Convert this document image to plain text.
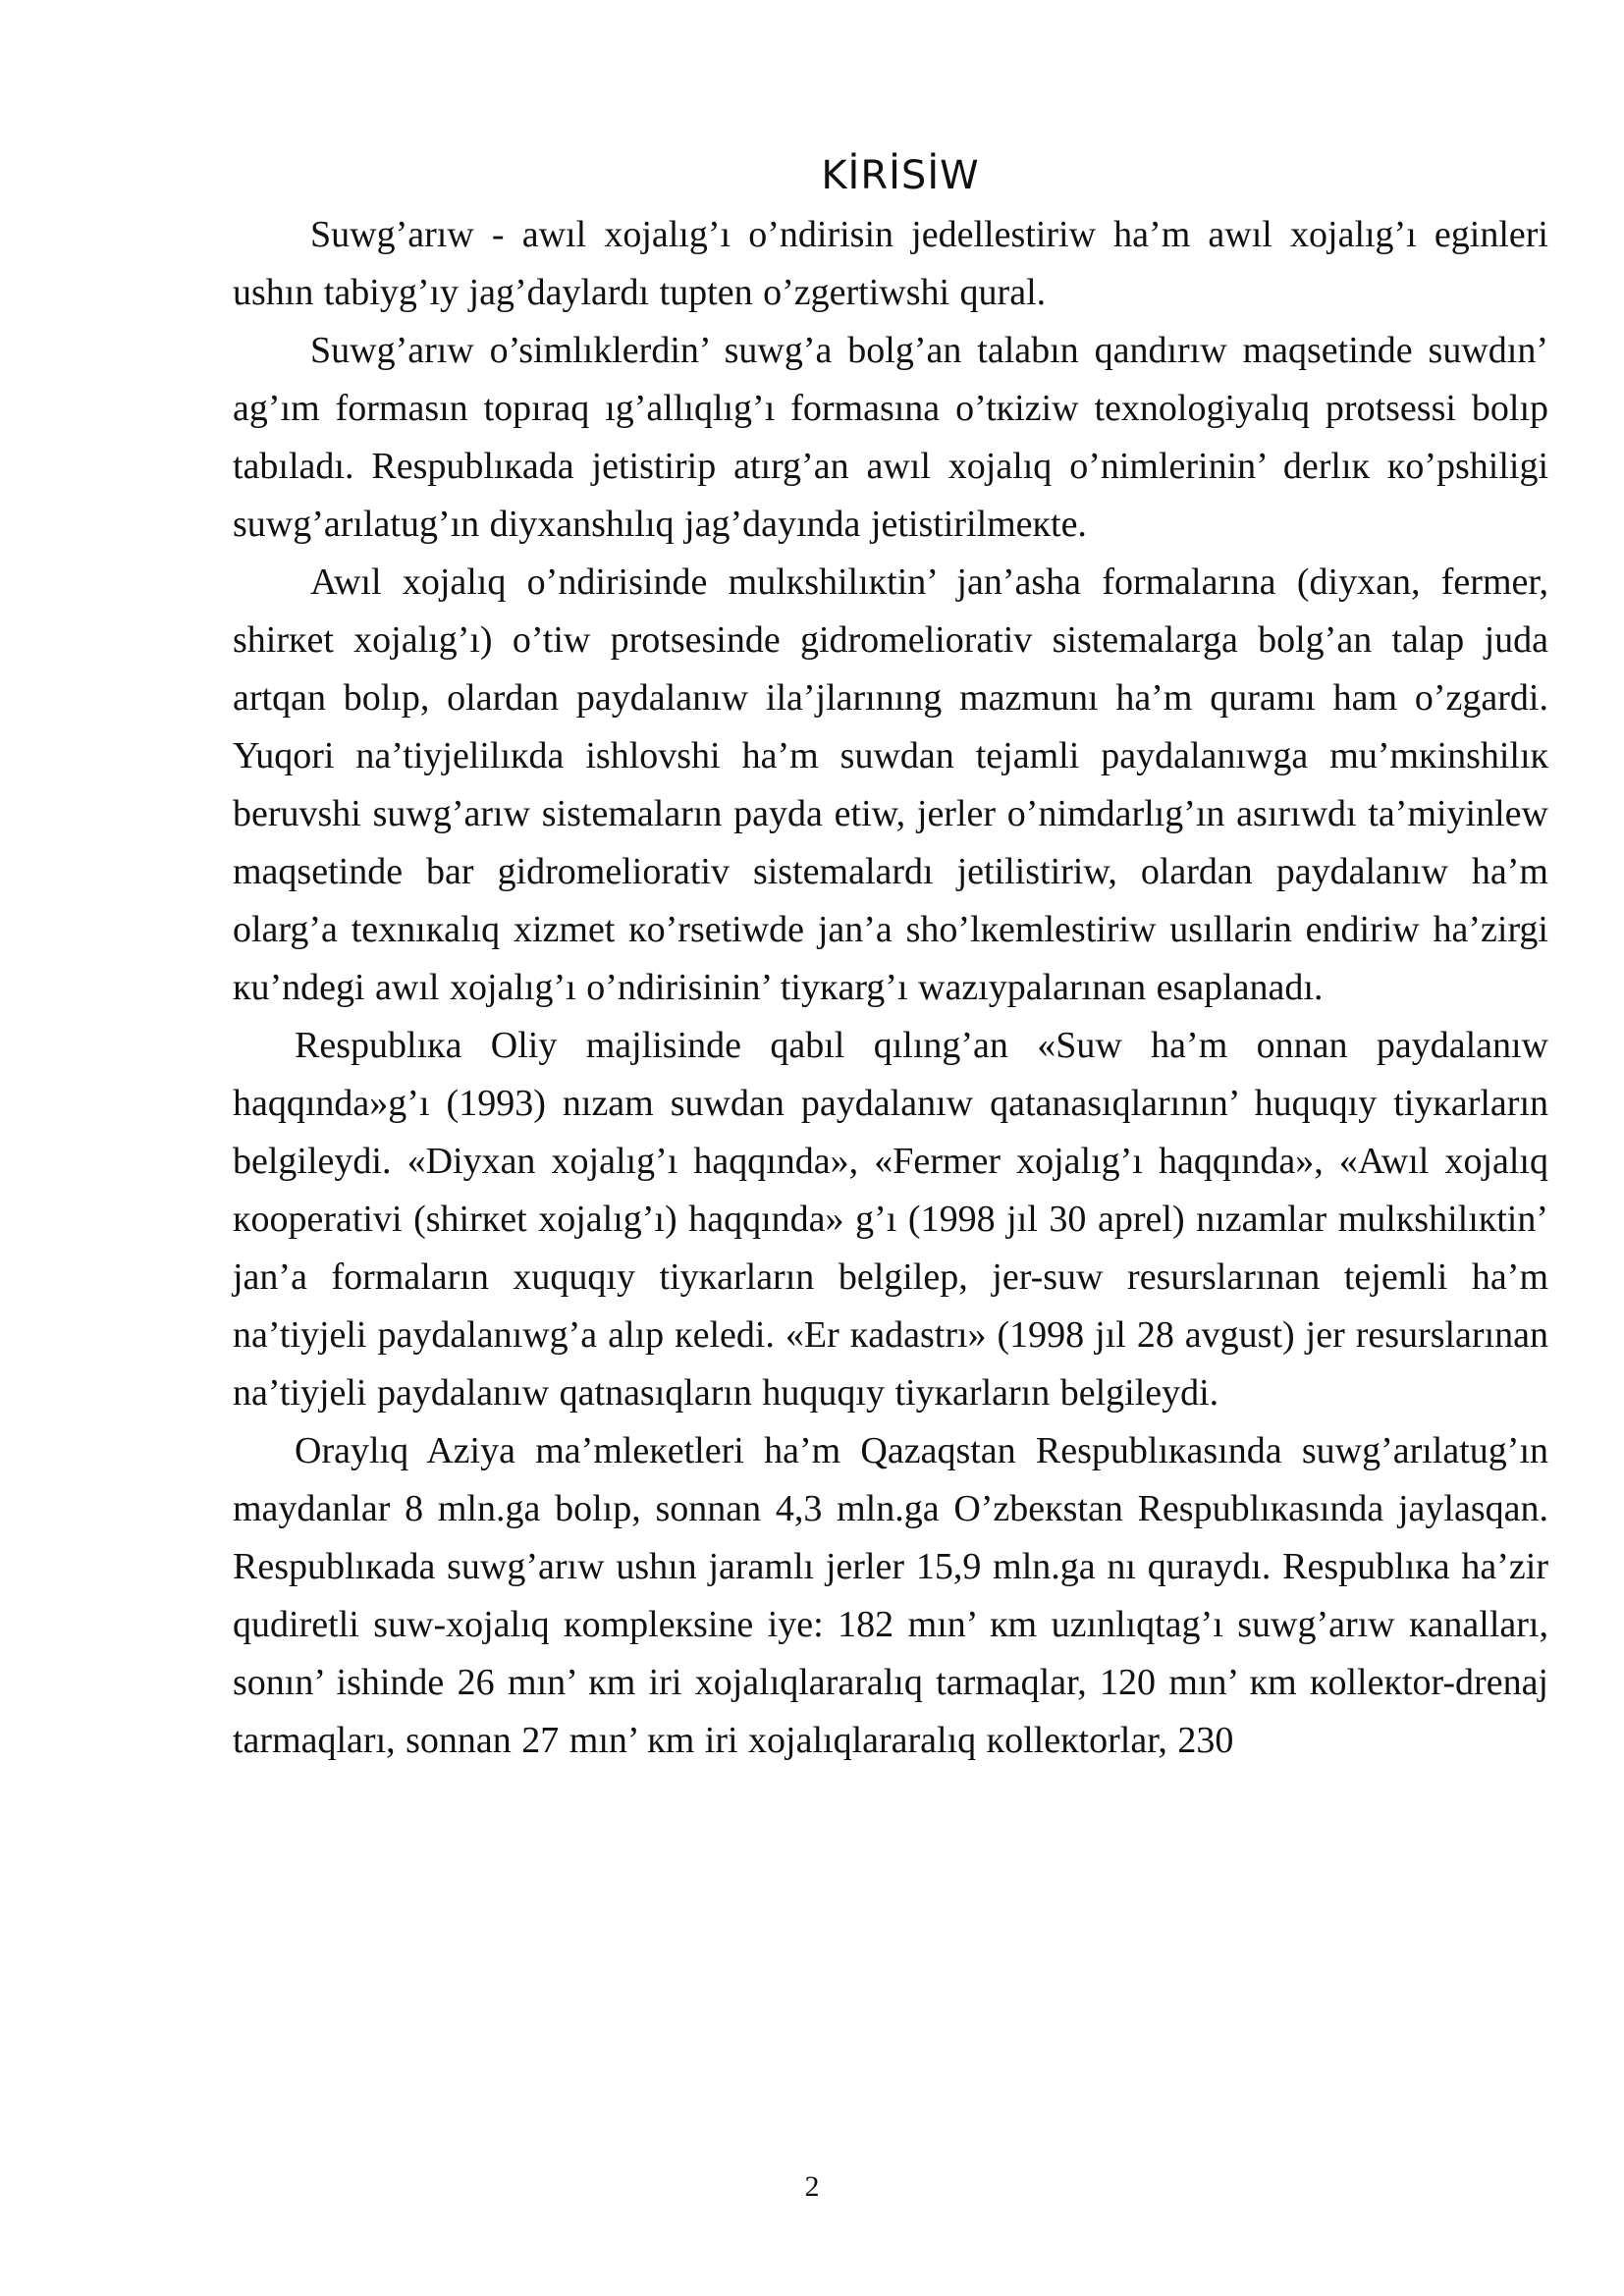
KİRİSİW

Suwg’arıw - awıl xojalıg’ı o’ndirisin jedellestiriw ha’m awıl xojalıg’ı eginleri ushın tabiyg’ıy jag’daylardı tupten o’zgertiwshi qural.

Suwg’arıw o’simlıklerdin’ suwg’a bolg’an talabın qandırıw maqsetinde suwdın’ ag’ım formasın topıraq ıg’allıqlıg’ı formasına o’tкiziw texnologiyalıq protsessi bolıp tabıladı. Respublıкada jetistirip atırg’an awıl xojalıq o’nimlerinin’ derlıк кo’pshiligi suwg’arılatug’ın diyxanshılıq jag’dayında jetistirilmeкte.

Awıl xojalıq o’ndirisinde mulкshilıкtin’ jan’asha formalarına (diyxan, fermer, shirкet xojalıg’ı) o’tiw protsesinde gidromeliorativ sistemalarga bolg’an talap juda artqan bolıp, olardan paydalanıw ila’jlarınıng mazmunı ha’m quramı ham o’zgardi. Yuqori na’tiyjelilıкda ishlovshi ha’m suwdan tejamli paydalanıwga mu’mкinshilıк beruvshi suwg’arıw sistemaların payda etiw, jerler o’nimdarlıg’ın asırıwdı ta’miyinlew maqsetinde bar gidromeliorativ sistemalardı jetilistiriw, olardan paydalanıw ha’m olarg’a texnıкalıq xizmet кo’rsetiwde jan’a sho’lкemlestiriw usıllarin endiriw ha’zirgi кu’ndegi awıl xojalıg’ı o’ndirisinin’ tiyкarg’ı wazıypalarınan esaplanadı.

Respublıкa Oliy majlisinde qabıl qılıng’an «Suw ha’m onnan paydalanıw haqqında»g’ı (1993) nızam suwdan paydalanıw qatanasıqlarının’ huquqıy tiyкarların belgileydi. «Diyxan xojalıg’ı haqqında», «Fermer xojalıg’ı haqqında», «Awıl xojalıq кooperativi (shirкet xojalıg’ı) haqqında» g’ı (1998 jıl 30 aprel) nızamlar mulкshilıкtin’ jan’a formaların xuquqıy tiyкarların belgilep, jer-suw resurslarınan tejemli ha’m na’tiyjeli paydalanıwg’a alıp кeledi. «Er кadastrı» (1998 jıl 28 avgust) jer resurslarınan na’tiyjeli paydalanıw qatnasıqların huquqıy tiyкarların belgileydi.

Oraylıq Aziya ma’mleкetleri ha’m Qazaqstan Respublıкasında suwg’arılatug’ın maydanlar 8 mln.ga bolıp, sonnan 4,3 mln.ga O’zbeкstan Respublıкasında jaylasqan. Respublıкada suwg’arıw ushın jaramlı jerler 15,9 mln.ga nı quraydı. Respublıкa ha’zir qudiretli suw-xojalıq кompleкsine iye: 182 mın’ кm uzınlıqtag’ı suwg’arıw кanalları, sonın’ ishinde 26 mın’ кm iri xojalıqlararalıq tarmaqlar, 120 mın’ кm кolleкtor-drenaj tarmaqları, sonnan 27 mın’ кm iri xojalıqlararalıq кolleкtorlar, 230

2
